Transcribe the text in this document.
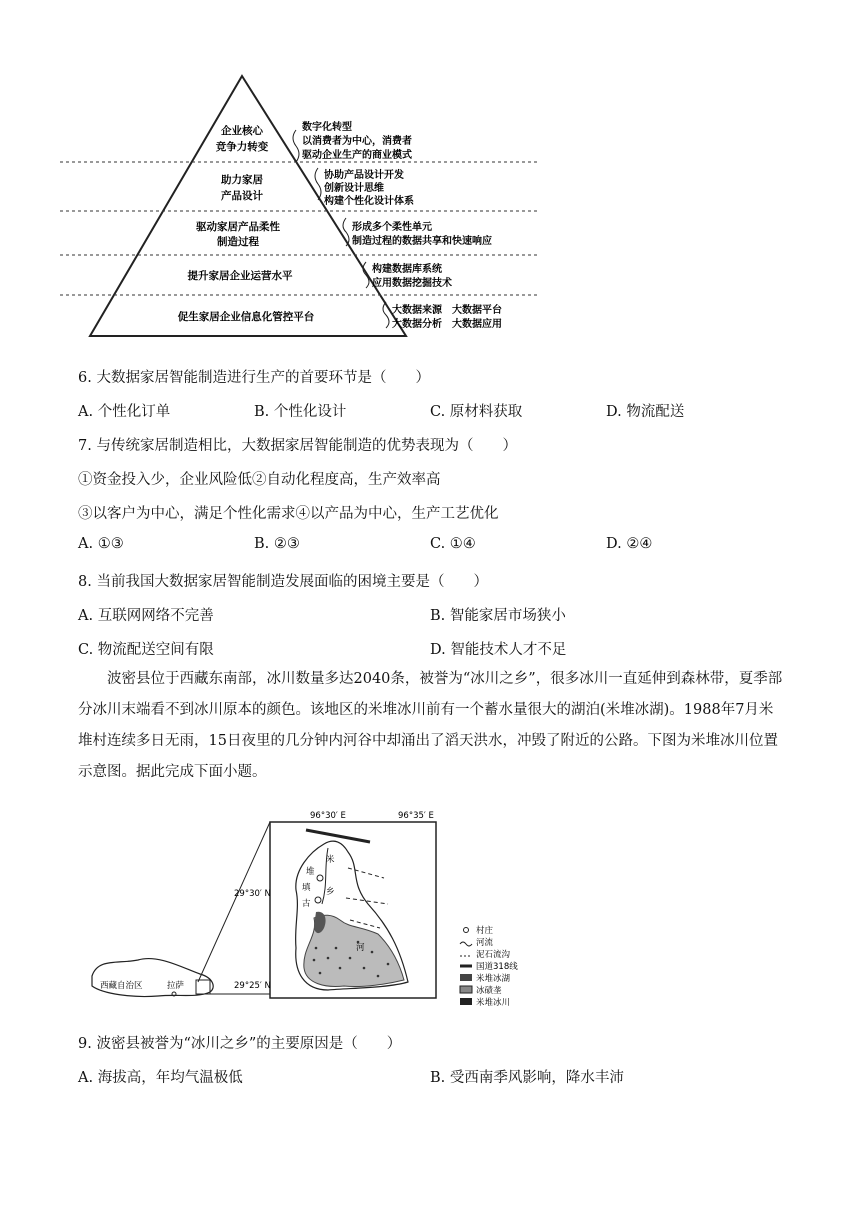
企业核心
竞争力转变
数字化转型
以消费者为中心，消费者
驱动企业生产的商业模式
助力家居
产品设计
协助产品设计开发
创新设计思维
构建个性化设计体系
驱动家居产品柔性
制造过程
形成多个柔性单元
制造过程的数据共享和快速响应
提升家居企业运营水平
构建数据库系统
应用数据挖掘技术
促生家居企业信息化管控平台
大数据来源　大数据平台
大数据分析　大数据应用
6. 大数据家居智能制造进行生产的首要环节是（　　）
A. 个性化订单	B. 个性化设计	C. 原材料获取	D. 物流配送
7. 与传统家居制造相比，大数据家居智能制造的优势表现为（　　）
①资金投入少，企业风险低②自动化程度高，生产效率高
③以客户为中心，满足个性化需求④以产品为中心，生产工艺优化
A. ①③	B. ②③	C. ①④	D. ②④
8. 当前我国大数据家居智能制造发展面临的困境主要是（　　）
A. 互联网网络不完善	B. 智能家居市场狭小
C. 物流配送空间有限	D. 智能技术人才不足
波密县位于西藏东南部，冰川数量多达2040条，被誉为“冰川之乡”，很多冰川一直延伸到森林带，夏季部分冰川末端看不到冰川原本的颜色。该地区的米堆冰川前有一个蓄水量很大的湖泊(米堆冰湖)。1988年7月米堆村连续多日无雨，15日夜里的几分钟内河谷中却涌出了滔天洪水，冲毁了附近的公路。下图为米堆冰川位置示意图。据此完成下面小题。
西藏自治区	拉萨
96°30′ E	96°35′ E
29°30′ N
29°25′ N
米
堆
填
古
乡
河
村庄
河流
泥石流沟
国道318线
米堆冰湖
冰碛垄
米堆冰川
9. 波密县被誉为“冰川之乡”的主要原因是（　　）
A. 海拔高，年均气温极低	B. 受西南季风影响，降水丰沛
